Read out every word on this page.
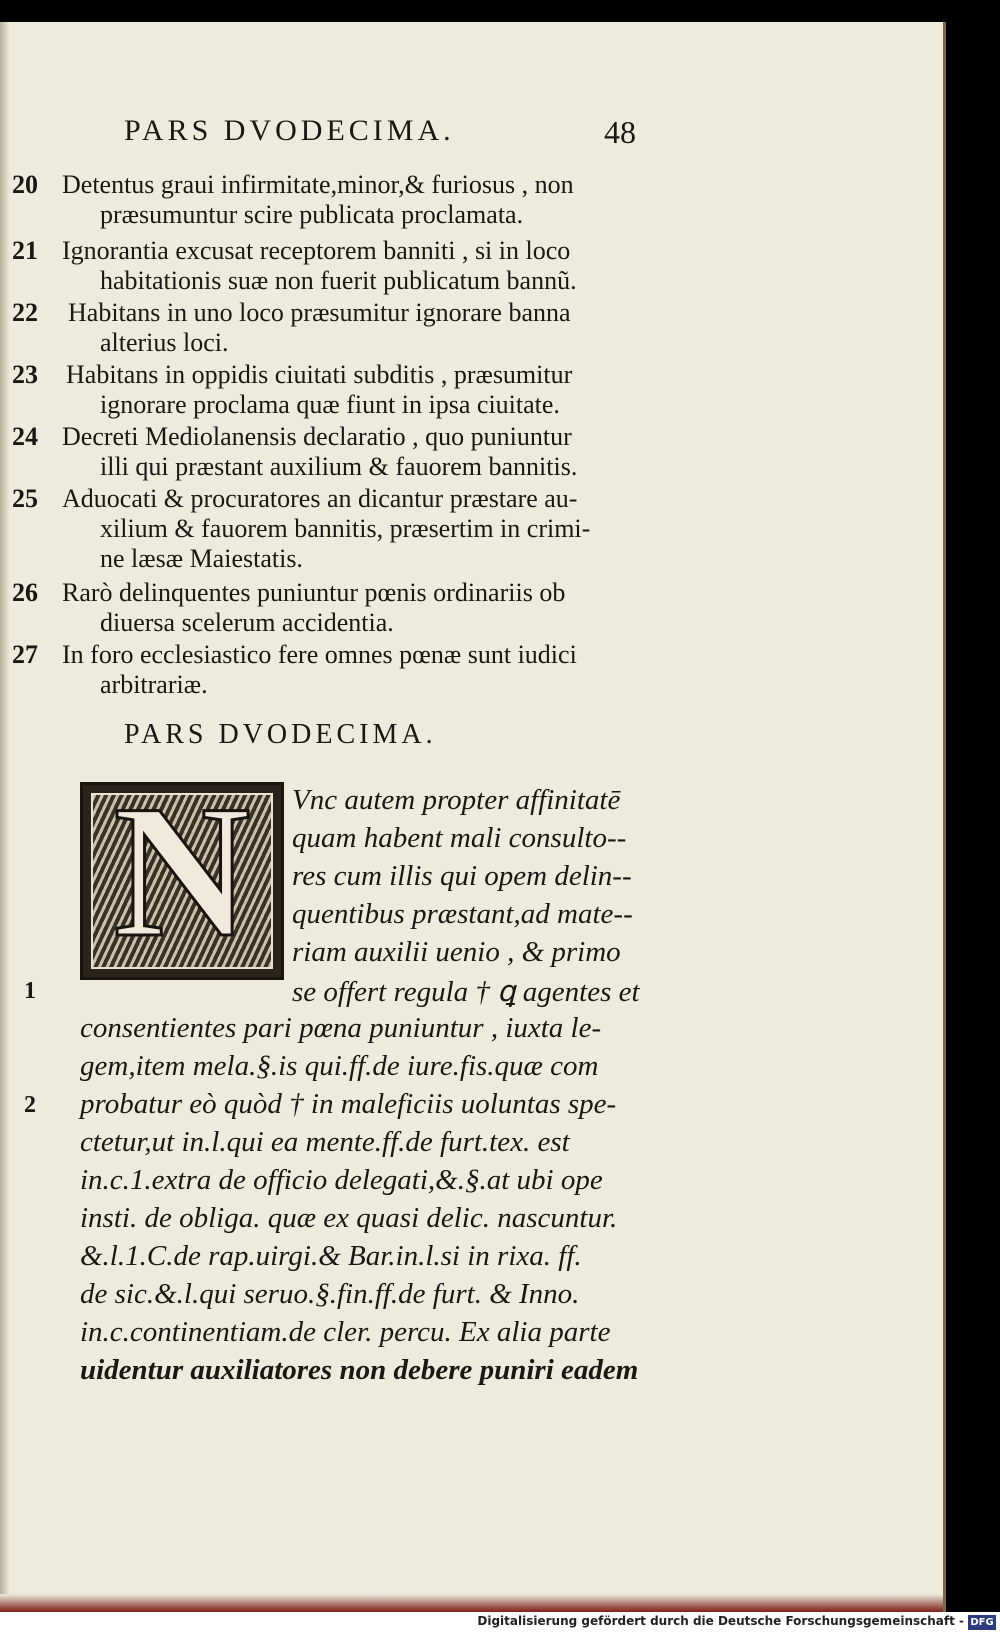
PARS DVODECIMA.	48
20 Detentus graui infirmitate,minor,& furiosus , non
præsumuntur scire publicata proclamata.
21 Ignorantia excusat receptorem banniti , si in loco
habitationis suæ non fuerit publicatum bannũ.
22	Habitans in uno loco præsumitur ignorare banna
alterius loci.
23	Habitans in oppidis ciuitati subditis , præsumitur
ignorare proclama quæ fiunt in ipsa ciuitate.
24 Decreti Mediolanensis declaratio , quo puniuntur
illi qui præstant auxilium & fauorem bannitis.
25 Aduocati & procuratores an dicantur præstare au-
xilium & fauorem bannitis, præsertim in crimi-
ne læsæ Maiestatis.
26 Rarò delinquentes puniuntur pœnis ordinariis ob
diuersa scelerum accidentia.
27 In foro ecclesiastico fere omnes pœnæ sunt iudici
arbitrariæ.
PARS DVODECIMA.
N	Vnc autem propter affinitatē
quam habent mali consulto--
res cum illis qui opem delin--
quentibus præstant,ad mate--
riam auxilii uenio , & primo
se offert regula † ꝗ agentes et
consentientes pari pœna puniuntur , iuxta le-
gem,item mela.§.is qui.ff.de iure.fis.quæ com
probatur eò quòd † in maleficiis uoluntas spe-
ctetur,ut in.l.qui ea mente.ff.de furt.tex. est
in.c.1.extra de officio delegati,&.§.at ubi ope
insti. de obliga. quæ ex quasi delic. nascuntur.
&.l.1.C.de rap.uirgi.& Bar.in.l.si in rixa. ff.
de sic.&.l.qui seruo.§.fin.ff.de furt. & Inno.
in.c.continentiam.de cler. percu. Ex alia parte
uidentur auxiliatores non debere puniri eadem
1
2
Digitalisierung gefördert durch die Deutsche Forschungsgemeinschaft - DFG
